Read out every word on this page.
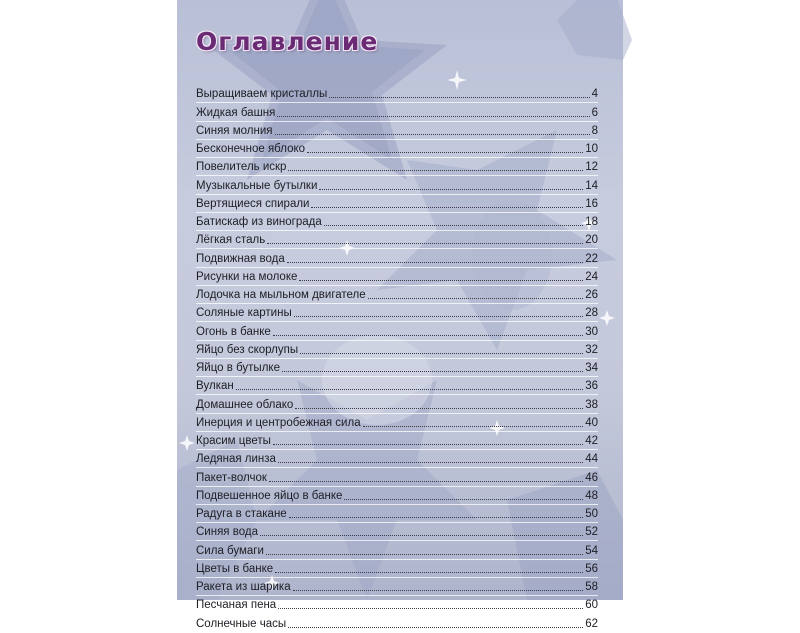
Оглавление
Выращиваем кристаллы	4
Жидкая башня	6
Синяя молния	8
Бесконечное яблоко	10
Повелитель искр	12
Музыкальные бутылки	14
Вертящиеся спирали	16
Батискаф из винограда	18
Лёгкая сталь	20
Подвижная вода	22
Рисунки на молоке	24
Лодочка на мыльном двигателе	26
Соляные картины	28
Огонь в банке	30
Яйцо без скорлупы	32
Яйцо в бутылке	34
Вулкан	36
Домашнее облако	38
Инерция и центробежная сила	40
Красим цветы	42
Ледяная линза	44
Пакет-волчок	46
Подвешенное яйцо в банке	48
Радуга в стакане	50
Синяя вода	52
Сила бумаги	54
Цветы в банке	56
Ракета из шарика	58
Песчаная пена	60
Солнечные часы	62
